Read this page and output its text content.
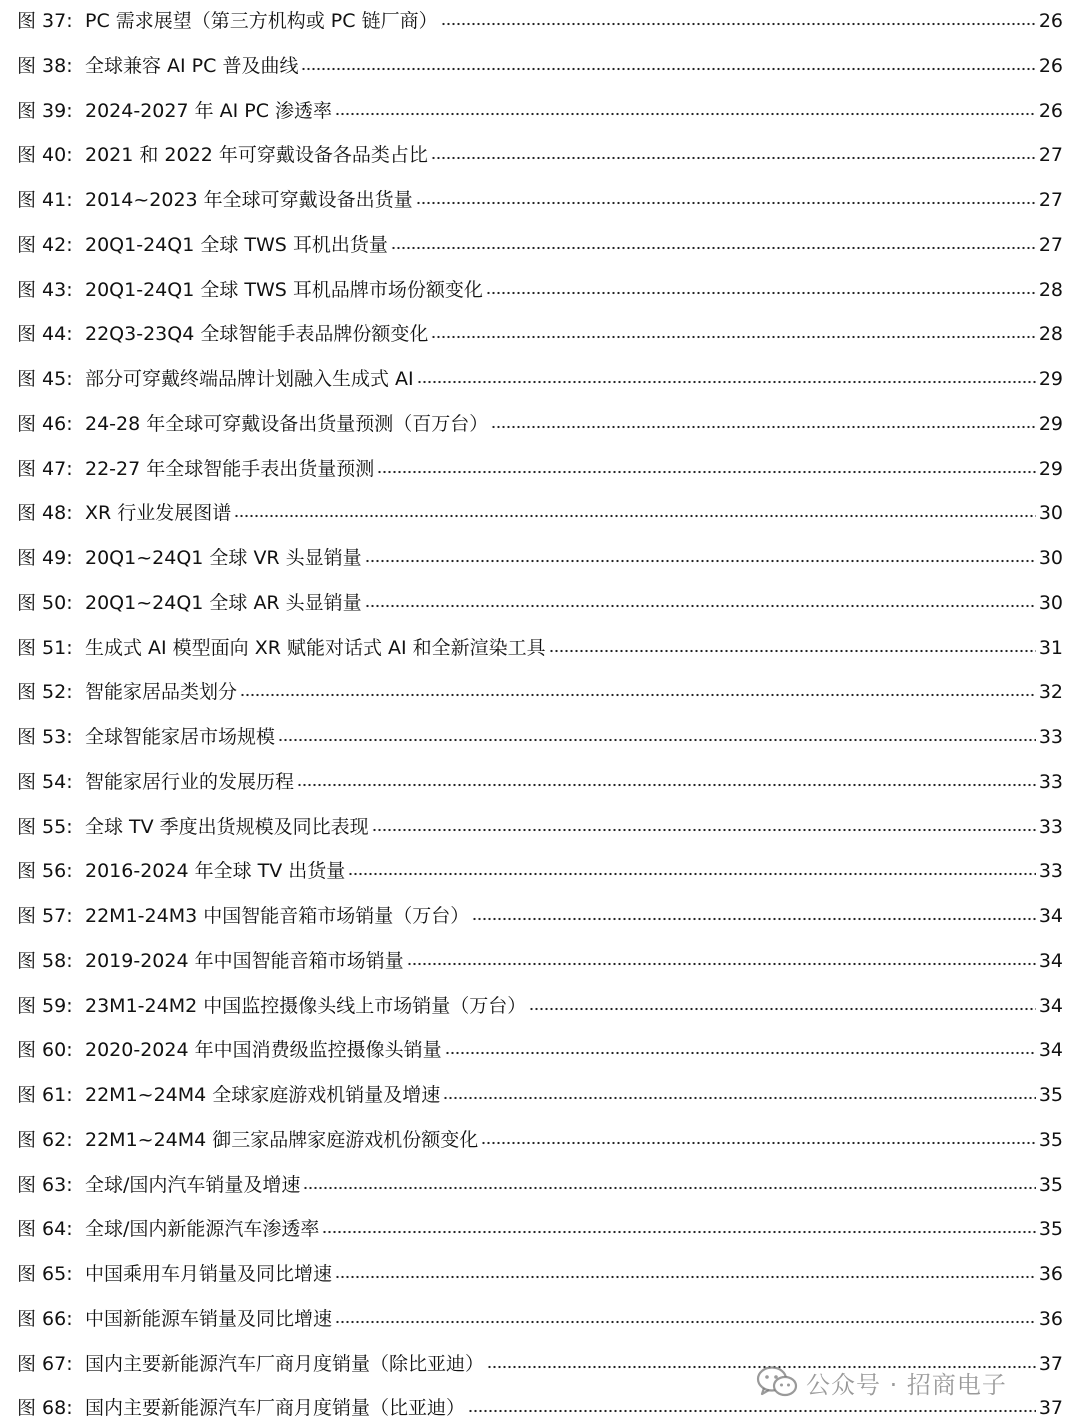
图 37: PC 需求展望（第三方机构或 PC 链厂商）	26
图 38: 全球兼容 AI PC 普及曲线	26
图 39: 2024-2027 年 AI PC 渗透率	26
图 40: 2021 和 2022 年可穿戴设备各品类占比	27
图 41: 2014~2023 年全球可穿戴设备出货量	27
图 42: 20Q1-24Q1 全球 TWS 耳机出货量	27
图 43: 20Q1-24Q1 全球 TWS 耳机品牌市场份额变化	28
图 44: 22Q3-23Q4 全球智能手表品牌份额变化	28
图 45: 部分可穿戴终端品牌计划融入生成式 AI	29
图 46: 24-28 年全球可穿戴设备出货量预测（百万台）	29
图 47: 22-27 年全球智能手表出货量预测	29
图 48: XR 行业发展图谱	30
图 49: 20Q1~24Q1 全球 VR 头显销量	30
图 50: 20Q1~24Q1 全球 AR 头显销量	30
图 51: 生成式 AI 模型面向 XR 赋能对话式 AI 和全新渲染工具	31
图 52: 智能家居品类划分	32
图 53: 全球智能家居市场规模	33
图 54: 智能家居行业的发展历程	33
图 55: 全球 TV 季度出货规模及同比表现	33
图 56: 2016-2024 年全球 TV 出货量	33
图 57: 22M1-24M3 中国智能音箱市场销量（万台）	34
图 58: 2019-2024 年中国智能音箱市场销量	34
图 59: 23M1-24M2 中国监控摄像头线上市场销量（万台）	34
图 60: 2020-2024 年中国消费级监控摄像头销量	34
图 61: 22M1~24M4 全球家庭游戏机销量及增速	35
图 62: 22M1~24M4 御三家品牌家庭游戏机份额变化	35
图 63: 全球/国内汽车销量及增速	35
图 64: 全球/国内新能源汽车渗透率	35
图 65: 中国乘用车月销量及同比增速	36
图 66: 中国新能源车销量及同比增速	36
图 67: 国内主要新能源汽车厂商月度销量（除比亚迪）	37
图 68: 国内主要新能源汽车厂商月度销量（比亚迪）	37
公众号 · 招商电子
